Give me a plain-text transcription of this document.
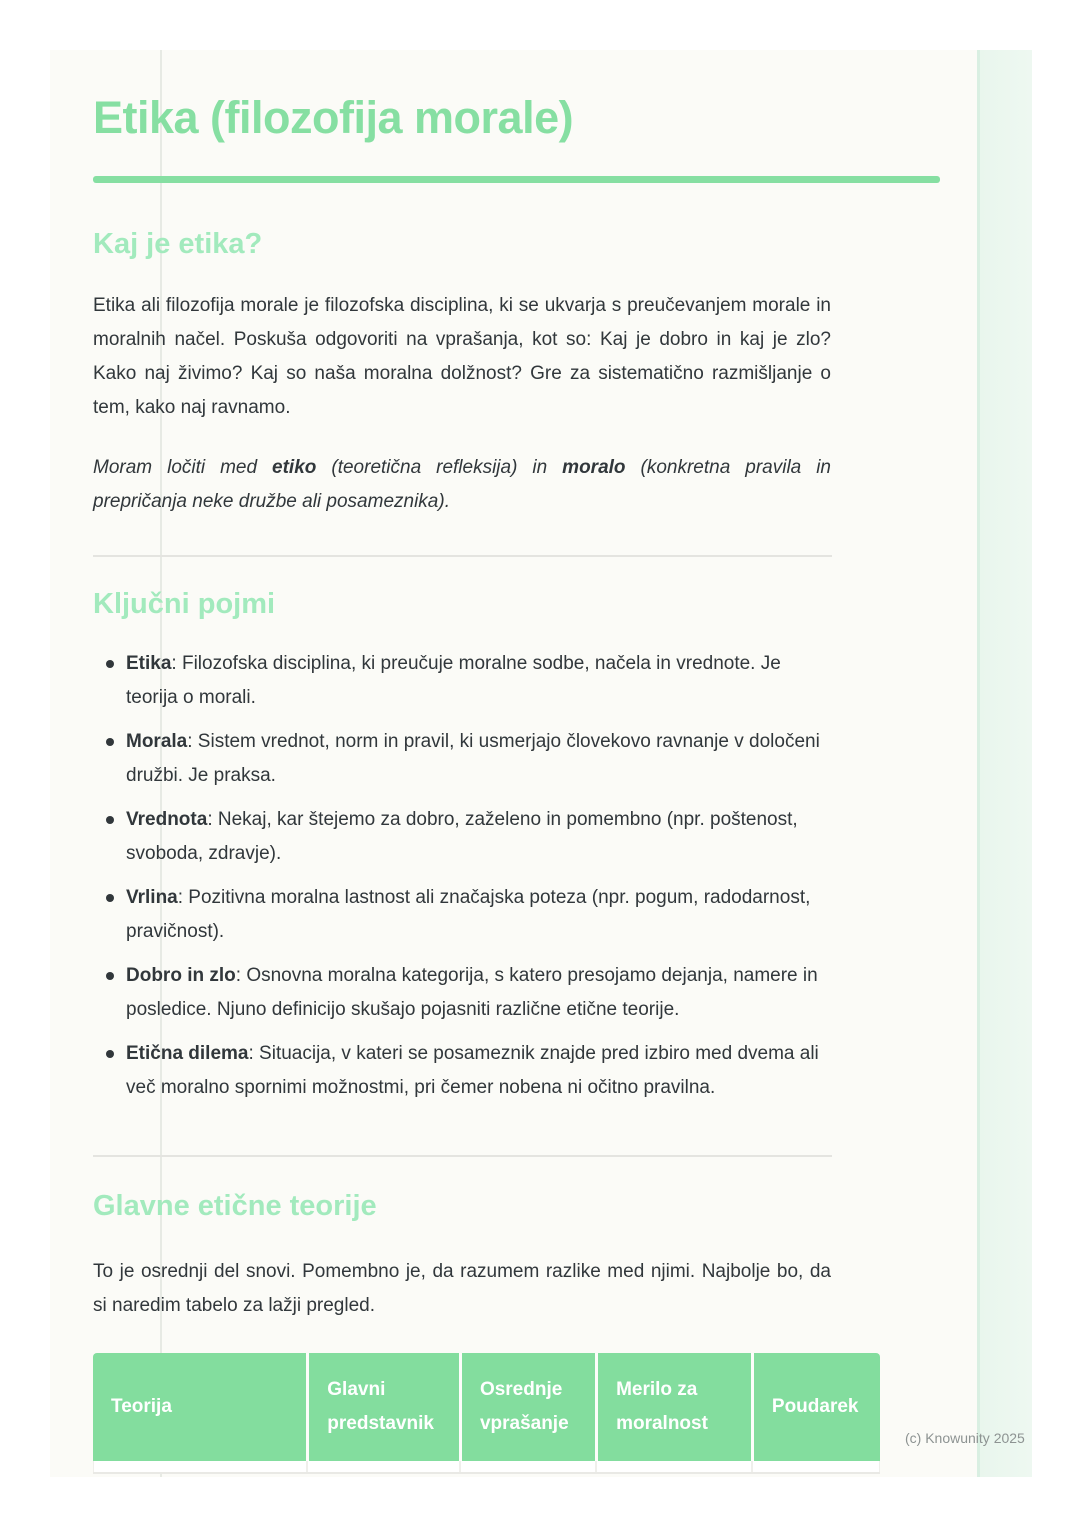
Etika (filozofija morale)
Kaj je etika?

Etika ali filozofija morale je filozofska disciplina, ki se ukvarja s preučevanjem morale in moralnih načel. Poskuša odgovoriti na vprašanja, kot so: Kaj je dobro in kaj je zlo? Kako naj živimo? Kaj so naša moralna dolžnost? Gre za sistematično razmišljanje o tem, kako naj ravnamo.

Moram ločiti med etiko (teoretična refleksija) in moralo (konkretna pravila in prepričanja neke družbe ali posameznika).

Ključni pojmi
Etika: Filozofska disciplina, ki preučuje moralne sodbe, načela in vrednote. Je teorija o morali.
Morala: Sistem vrednot, norm in pravil, ki usmerjajo človekovo ravnanje v določeni družbi. Je praksa.
Vrednota: Nekaj, kar štejemo za dobro, zaželeno in pomembno (npr. poštenost, svoboda, zdravje).
Vrlina: Pozitivna moralna lastnost ali značajska poteza (npr. pogum, radodarnost, pravičnost).
Dobro in zlo: Osnovna moralna kategorija, s katero presojamo dejanja, namere in posledice. Njuno definicijo skušajo pojasniti različne etične teorije.
Etična dilema: Situacija, v kateri se posameznik znajde pred izbiro med dvema ali več moralno spornimi možnostmi, pri čemer nobena ni očitno pravilna.
Glavne etične teorije

To je osrednji del snovi. Pomembno je, da razumem razlike med njimi. Najbolje bo, da si naredim tabelo za lažji pregled.

Teorija
Glavni predstavnik
Osrednje vprašanje
Merilo za moralnost
Poudarek
(c) Knowunity 2025
